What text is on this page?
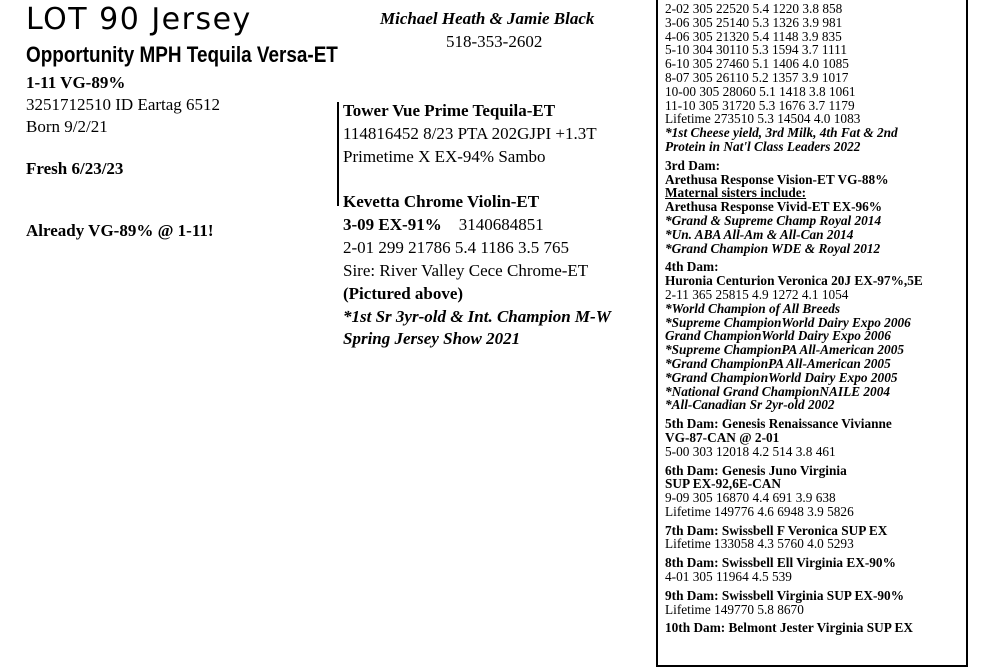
LOT 90 Jersey
Opportunity MPH Tequila Versa-ET
1-11 VG-89%
3251712510 ID Eartag 6512
Born 9/2/21
Fresh 6/23/23
Already VG-89% @ 1-11!
Michael Heath & Jamie Black
518-353-2602
Tower Vue Prime Tequila-ET
114816452 8/23 PTA 202GJPI +1.3T
Primetime X EX-94% Sambo
Kevetta Chrome Violin-ET
3-09 EX-91% 3140684851
2-01 299 21786 5.4 1186 3.5 765
Sire: River Valley Cece Chrome-ET
(Pictured above)
*1st Sr 3yr-old & Int. Champion M-W
Spring Jersey Show 2021
2-02 305 22520 5.4 1220 3.8 858
3-06 305 25140 5.3 1326 3.9 981
4-06 305 21320 5.4 1148 3.9 835
5-10 304 30110 5.3 1594 3.7 1111
6-10 305 27460 5.1 1406 4.0 1085
8-07 305 26110 5.2 1357 3.9 1017
10-00 305 28060 5.1 1418 3.8 1061
11-10 305 31720 5.3 1676 3.7 1179
Lifetime 273510 5.3 14504 4.0 1083
*1st Cheese yield, 3rd Milk, 4th Fat & 2nd
Protein in Nat'l Class Leaders 2022
3rd Dam:
Arethusa Response Vision-ET VG-88%
Maternal sisters include:
Arethusa Response Vivid-ET EX-96%
*Grand & Supreme Champ Royal 2014
*Un. ABA All-Am & All-Can 2014
*Grand Champion WDE & Royal 2012
4th Dam:
Huronia Centurion Veronica 20J EX-97%,5E
2-11 365 25815 4.9 1272 4.1 1054
*World Champion of All Breeds
*Supreme ChampionWorld Dairy Expo 2006
Grand ChampionWorld Dairy Expo 2006
*Supreme ChampionPA All-American 2005
*Grand ChampionPA All-American 2005
*Grand ChampionWorld Dairy Expo 2005
*National Grand ChampionNAILE 2004
*All-Canadian Sr 2yr-old 2002
5th Dam: Genesis Renaissance Vivianne
VG-87-CAN @ 2-01
5-00 303 12018 4.2 514 3.8 461
6th Dam: Genesis Juno Virginia
SUP EX-92,6E-CAN
9-09 305 16870 4.4 691 3.9 638
Lifetime 149776 4.6 6948 3.9 5826
7th Dam: Swissbell F Veronica SUP EX
Lifetime 133058 4.3 5760 4.0 5293
8th Dam: Swissbell Ell Virginia EX-90%
4-01 305 11964 4.5 539
9th Dam: Swissbell Virginia SUP EX-90%
Lifetime 149770 5.8 8670
10th Dam: Belmont Jester Virginia SUP EX
